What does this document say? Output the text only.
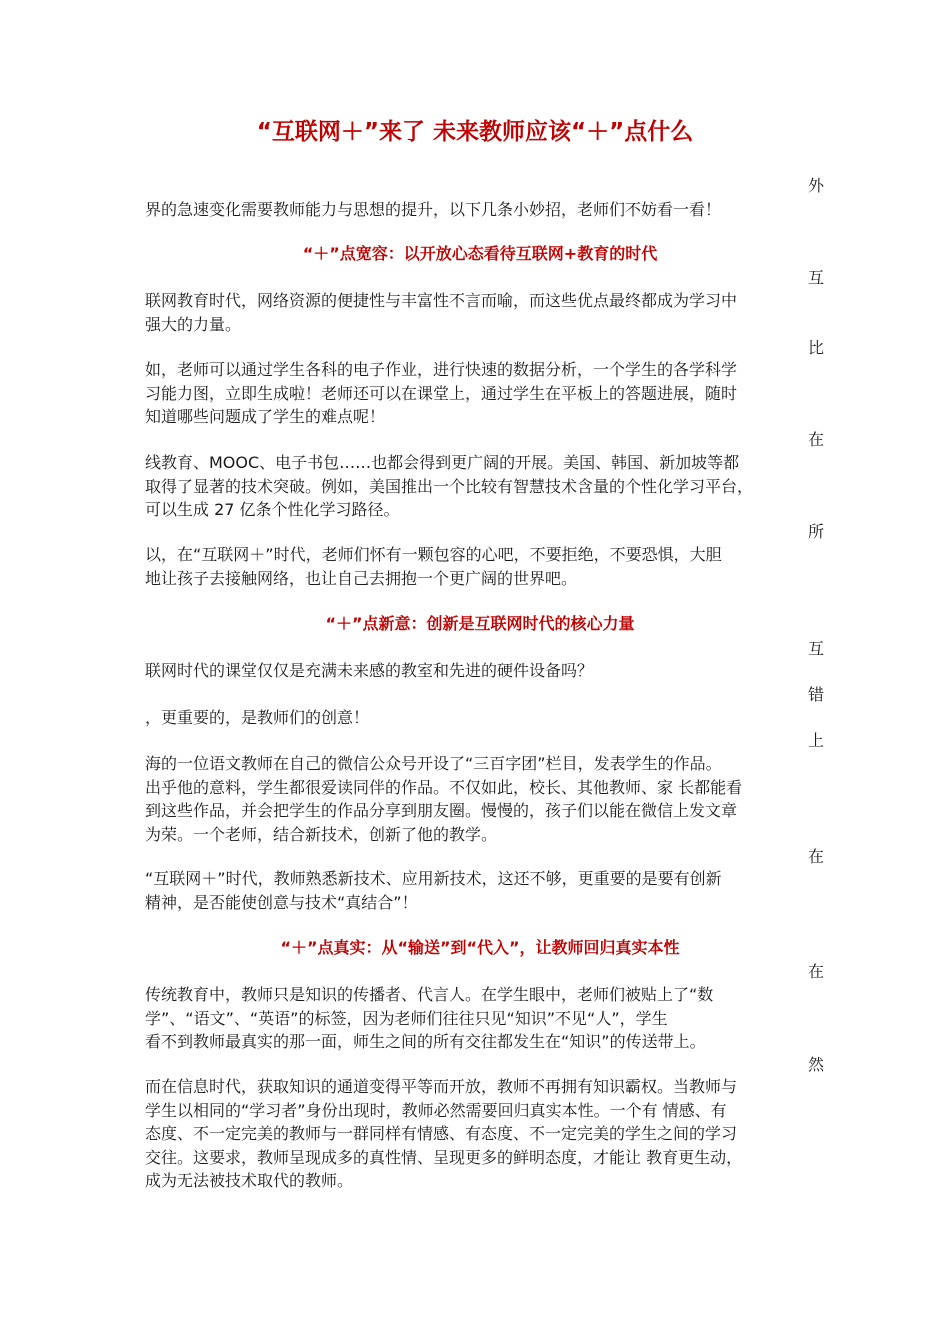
“互联网＋”来了 未来教师应该“＋”点什么
外
互
比
在
所
互
错
上
在
在
然
界的急速变化需要教师能力与思想的提升，以下几条小妙招，老师们不妨看一看！
“＋”点宽容：以开放心态看待互联网+教育的时代
联网教育时代，网络资源的便捷性与丰富性不言而喻，而这些优点最终都成为学习中
强大的力量。
如，老师可以通过学生各科的电子作业，进行快速的数据分析，一个学生的各学科学
习能力图，立即生成啦！老师还可以在课堂上，通过学生在平板上的答题进展，随时
知道哪些问题成了学生的难点呢！
线教育、MOOC、电子书包……也都会得到更广阔的开展。美国、韩国、新加坡等都
取得了显著的技术突破。例如，美国推出一个比较有智慧技术含量的个性化学习平台，
可以生成 27 亿条个性化学习路径。
以，在“互联网＋”时代，老师们怀有一颗包容的心吧，不要拒绝，不要恐惧，大胆
地让孩子去接触网络，也让自己去拥抱一个更广阔的世界吧。
“＋”点新意：创新是互联网时代的核心力量
联网时代的课堂仅仅是充满未来感的教室和先进的硬件设备吗？
，更重要的，是教师们的创意！
海的一位语文教师在自己的微信公众号开设了“三百字团”栏目，发表学生的作品。
出乎他的意料，学生都很爱读同伴的作品。不仅如此，校长、其他教师、家 长都能看
到这些作品，并会把学生的作品分享到朋友圈。慢慢的，孩子们以能在微信上发文章
为荣。一个老师，结合新技术，创新了他的教学。
“互联网＋”时代，教师熟悉新技术、应用新技术，这还不够，更重要的是要有创新
精神，是否能使创意与技术“真结合”！
“＋”点真实：从“输送”到“代入”，让教师回归真实本性
传统教育中，教师只是知识的传播者、代言人。在学生眼中，老师们被贴上了“数
学”、“语文”、“英语”的标签，因为老师们往往只见“知识”不见“人”，学生
看不到教师最真实的那一面，师生之间的所有交往都发生在“知识”的传送带上。
而在信息时代，获取知识的通道变得平等而开放，教师不再拥有知识霸权。当教师与
学生以相同的“学习者”身份出现时，教师必然需要回归真实本性。一个有 情感、有
态度、不一定完美的教师与一群同样有情感、有态度、不一定完美的学生之间的学习
交往。这要求，教师呈现成多的真性情、呈现更多的鲜明态度，才能让 教育更生动，
成为无法被技术取代的教师。
